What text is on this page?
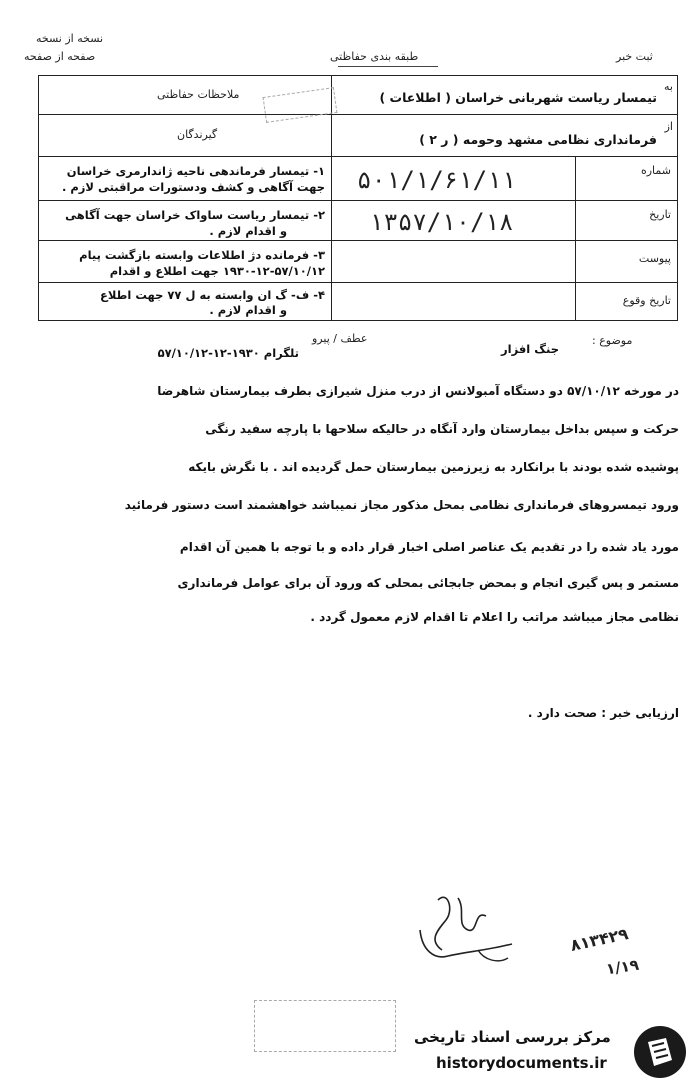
نسخه از نسخه
صفحه از صفحه	طبقه بندی حفاظتی	ثبت خبر
به
تیمسار ریاست شهربانی خراسان ( اطلاعات )
ملاحظات حفاظتی
از
فرمانداری نظامی مشهد وحومه ( ر ۲ )
گیرندگان
شماره
۵۰۱/۱/۶۱/۱۱
۱- تیمسار فرماندهی ناحیه ژاندارمری خراسان
جهت آگاهی و کشف ودستورات مراقبتی لازم .
تاریخ
۱۳۵۷/۱۰/۱۸
۲- تیمسار ریاست ساواک خراسان جهت آگاهی
و اقدام لازم .
پیوست
۳- فرمانده دژ اطلاعات وابسته بازگشت پیام
۱۹۳۰-۱۲-۵۷/۱۰/۱۲ جهت اطلاع و اقدام
تاریخ وقوع
۴- ف- گ ان وابسته به ل ۷۷ جهت اطلاع
و اقدام لازم .
موضوع :
جنگ افزار
عطف / پیرو
تلگرام ۱۹۳۰-۱۲-۵۷/۱۰/۱۲
در مورخه ۵۷/۱۰/۱۲ دو دستگاه آمبولانس از درب منزل شیرازی بطرف بیمارستان شاهرضا
حرکت و سپس بداخل بیمارستان وارد آنگاه در حالیکه سلاحها با پارچه سفید رنگی
پوشیده شده بودند با برانکارد به زیرزمین بیمارستان حمل گردیده اند . با نگرش بایکه
ورود تیمسروهای فرمانداری نظامی بمحل مذکور مجاز نمیباشد خواهشمند است دستور فرمائید
مورد یاد شده را در تقدیم یک عناصر اصلی اخبار قرار داده و با توجه با همین آن اقدام
مستمر و پس گیری انجام و بمحض جابجائی بمحلی که ورود آن برای عوامل فرمانداری
نظامی مجاز میباشد مراتب را اعلام تا اقدام لازم معمول گردد .
ارزیابی خبر : صحت دارد .
۸۱۳۴۲۹
۱/۱۹
مرکز بررسی اسناد تاریخی
historydocuments.ir
